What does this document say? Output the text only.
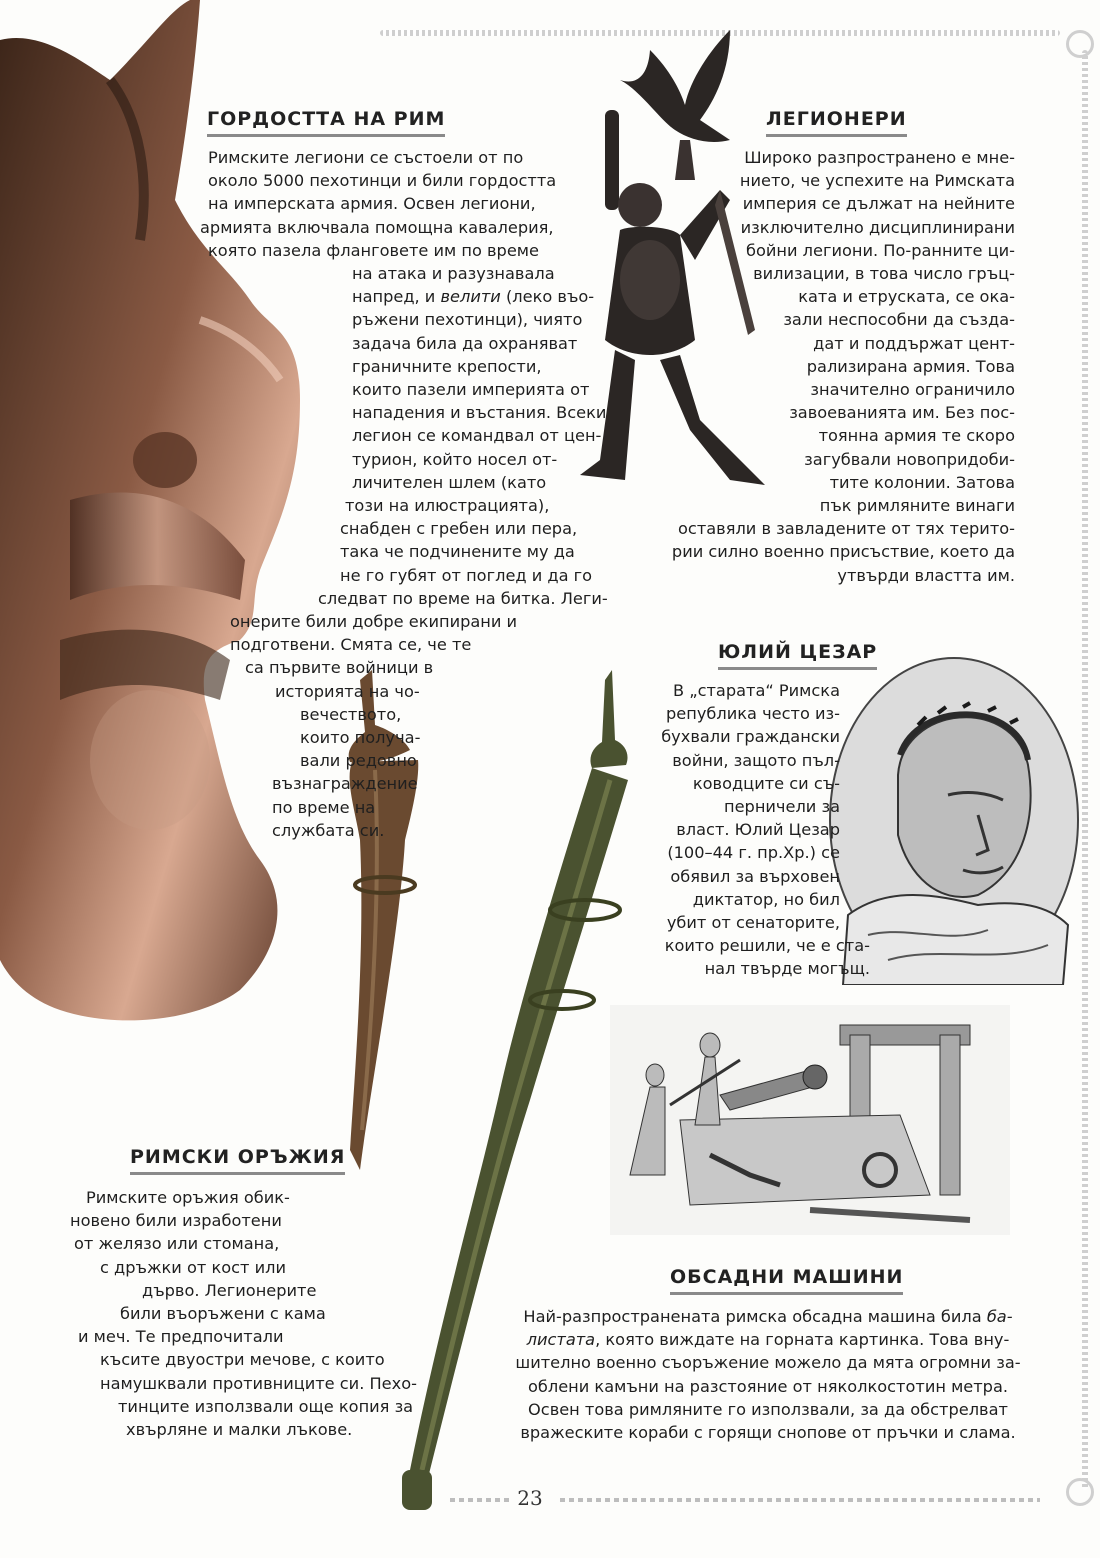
ГОРДОСТТА НА РИМ
Римските легиони се състоели от по
около 5000 пехотинци и били гордостта
на имперската армия. Освен легиони,
армията включвала помощна кавалерия,
която пазела фланговете им по време
на атака и разузнавала
напред, и велити (леко въо-
ръжени пехотинци), чиято
задача била да охраняват
граничните крепости,
които пазели империята от
нападения и въстания. Всеки
легион се командвал от цен-
турион, който носел от-
личителен шлем (като
този на илюстрацията),
снабден с гребен или пера,
така че подчинените му да
не го губят от поглед и да го
следват по време на битка. Леги-
онерите били добре екипирани и
подготвени. Смята се, че те
са първите войници в
историята на чо-
вечеството,
които получа-
вали редовно
възнаграждение
по време на
службата си.
ЛЕГИОНЕРИ
Широко разпространено е мне-
нието, че успехите на Римската
империя се дължат на нейните
изключително дисциплинирани
бойни легиони. По-ранните ци-
вилизации, в това число гръц-
ката и етруската, се ока-
зали неспособни да създа-
дат и поддържат цент-
рализирана армия. Това
значително ограничило
завоеванията им. Без пос-
тоянна армия те скоро
загубвали новопридоби-
тите колонии. Затова
пък римляните винаги
оставяли в завладените от тях терито-
рии силно военно присъствие, което да
утвърди властта им.
ЮЛИЙ ЦЕЗАР
В „старата“ Римска
република често из-
бухвали граждански
войни, защото пъл-
ководците си съ-
перничели за
власт. Юлий Цезар
(100–44 г. пр.Хр.) се
обявил за върховен
диктатор, но бил
убит от сенаторите,
които решили, че е ста-
нал твърде могъщ.
РИМСКИ ОРЪЖИЯ
Римските оръжия обик-
новено били изработени
от желязо или стомана,
с дръжки от кост или
дърво. Легионерите
били въоръжени с кама
и меч. Те предпочитали
късите двуостри мечове, с които
намушквали противниците си. Пехо-
тинците използвали още копия за
хвърляне и малки лъкове.
ОБСАДНИ МАШИНИ
Най-разпространената римска обсадна машина била ба-
листата, която виждате на горната картинка. Това вну-
шително военно съоръжение можело да мята огромни за-
облени камъни на разстояние от няколкостотин метра.
Освен това римляните го използвали, за да обстрелват
вражеските кораби с горящи снопове от пръчки и слама.
23
